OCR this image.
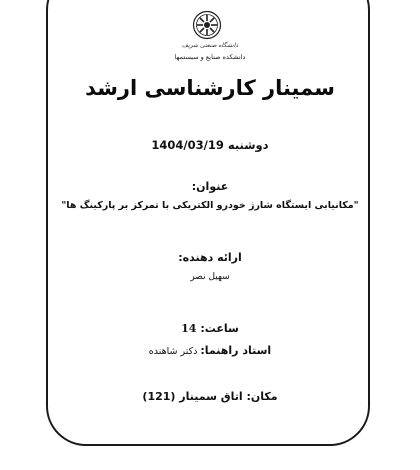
دانشگاه صنعتی شریف
دانشکده صنایع و سیستمها
سمینار کارشناسی ارشد
دوشنبه 1404/03/19
عنوان:
"مکانیابی ایستگاه شارژ خودرو الکتریکی با تمرکز بر پارکینگ ها"
ارائه دهنده:
سهیل نصر
ساعت: 14
استاد راهنما: دکتر شاهنده
مکان: اتاق سمینار (121)
